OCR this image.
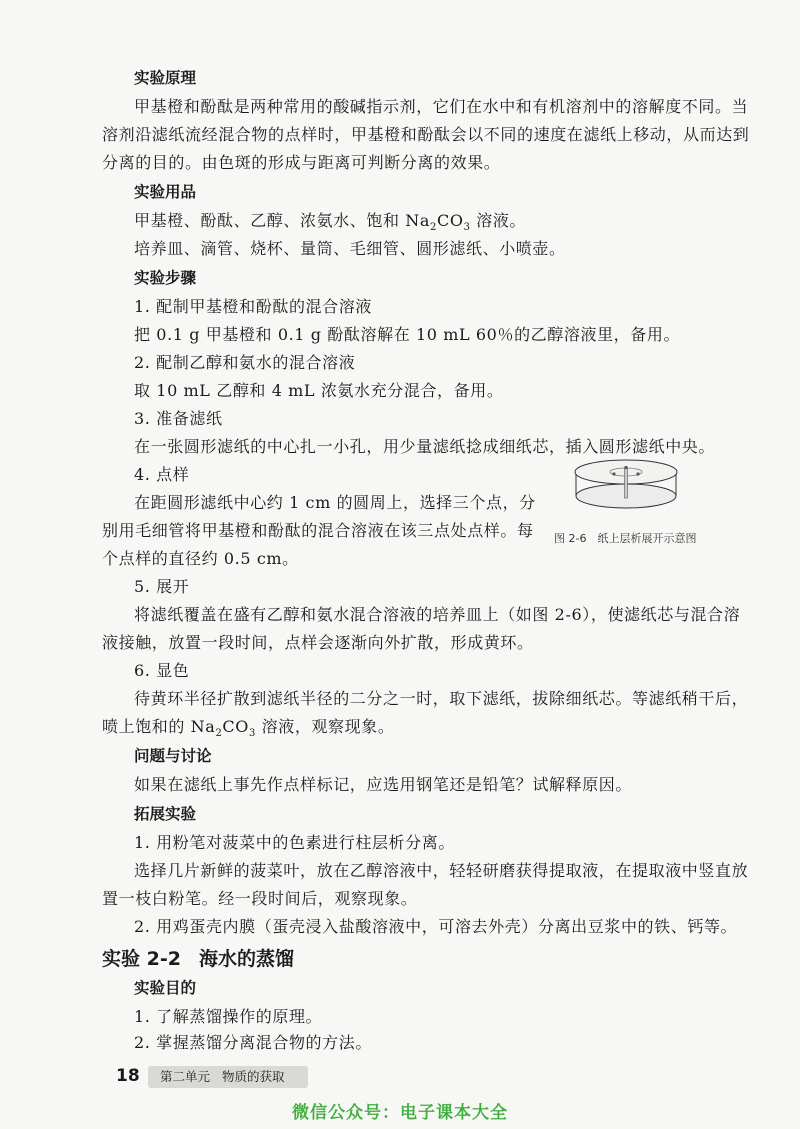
实验原理
甲基橙和酚酞是两种常用的酸碱指示剂，它们在水中和有机溶剂中的溶解度不同。当
溶剂沿滤纸流经混合物的点样时，甲基橙和酚酞会以不同的速度在滤纸上移动，从而达到
分离的目的。由色斑的形成与距离可判断分离的效果。
实验用品
甲基橙、酚酞、乙醇、浓氨水、饱和 $Na_2CO_3$ 溶液。
培养皿、滴管、烧杯、量筒、毛细管、圆形滤纸、小喷壶。
实验步骤
1. 配制甲基橙和酚酞的混合溶液
把 0.1 g 甲基橙和 0.1 g 酚酞溶解在 10 mL 60％的乙醇溶液里，备用。
2. 配制乙醇和氨水的混合溶液
取 10 mL 乙醇和 4 mL 浓氨水充分混合，备用。
3. 准备滤纸
在一张圆形滤纸的中心扎一小孔，用少量滤纸捻成细纸芯，插入圆形滤纸中央。
4. 点样
在距圆形滤纸中心约 1 cm 的圆周上，选择三个点，分
别用毛细管将甲基橙和酚酞的混合溶液在该三点处点样。每
个点样的直径约 0.5 cm。
图 2-6　纸上层析展开示意图
5. 展开
将滤纸覆盖在盛有乙醇和氨水混合溶液的培养皿上（如图 2-6），使滤纸芯与混合溶
液接触，放置一段时间，点样会逐渐向外扩散，形成黄环。
6. 显色
待黄环半径扩散到滤纸半径的二分之一时，取下滤纸，拔除细纸芯。等滤纸稍干后，
喷上饱和的 $Na_2CO_3$ 溶液，观察现象。
问题与讨论
如果在滤纸上事先作点样标记，应选用钢笔还是铅笔？试解释原因。
拓展实验
1. 用粉笔对菠菜中的色素进行柱层析分离。
选择几片新鲜的菠菜叶，放在乙醇溶液中，轻轻研磨获得提取液，在提取液中竖直放
置一枝白粉笔。经一段时间后，观察现象。
2. 用鸡蛋壳内膜（蛋壳浸入盐酸溶液中，可溶去外壳）分离出豆浆中的铁、钙等。
实验 2-2 海水的蒸馏
实验目的
1. 了解蒸馏操作的原理。
2. 掌握蒸馏分离混合物的方法。
18	第二单元 物质的获取
微信公众号：电子课本大全
